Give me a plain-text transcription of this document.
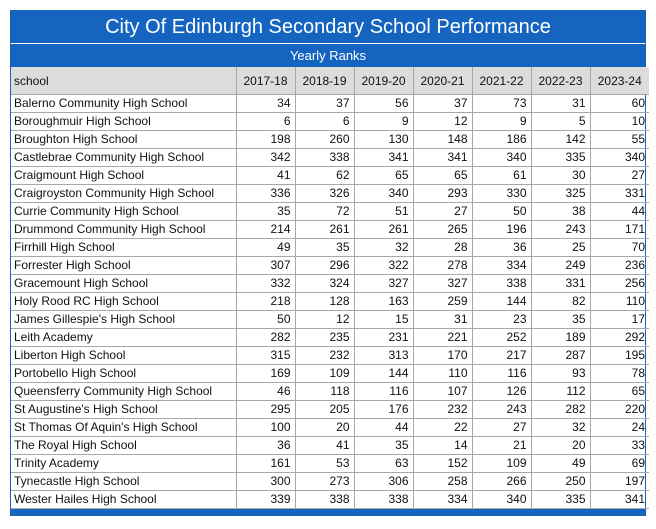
City Of Edinburgh Secondary School Performance
Yearly Ranks
school	2017-18	2018-19	2019-20	2020-21	2021-22	2022-23	2023-24
Balerno Community High School	34	37	56	37	73	31	60
Boroughmuir High School	6	6	9	12	9	5	10
Broughton High School	198	260	130	148	186	142	55
Castlebrae Community High School	342	338	341	341	340	335	340
Craigmount High School	41	62	65	65	61	30	27
Craigroyston Community High School	336	326	340	293	330	325	331
Currie Community High School	35	72	51	27	50	38	44
Drummond Community High School	214	261	261	265	196	243	171
Firrhill High School	49	35	32	28	36	25	70
Forrester High School	307	296	322	278	334	249	236
Gracemount High School	332	324	327	327	338	331	256
Holy Rood RC High School	218	128	163	259	144	82	110
James Gillespie's High School	50	12	15	31	23	35	17
Leith Academy	282	235	231	221	252	189	292
Liberton High School	315	232	313	170	217	287	195
Portobello High School	169	109	144	110	116	93	78
Queensferry Community High School	46	118	116	107	126	112	65
St Augustine's High School	295	205	176	232	243	282	220
St Thomas Of Aquin's High School	100	20	44	22	27	32	24
The Royal High School	36	41	35	14	21	20	33
Trinity Academy	161	53	63	152	109	49	69
Tynecastle High School	300	273	306	258	266	250	197
Wester Hailes High School	339	338	338	334	340	335	341
